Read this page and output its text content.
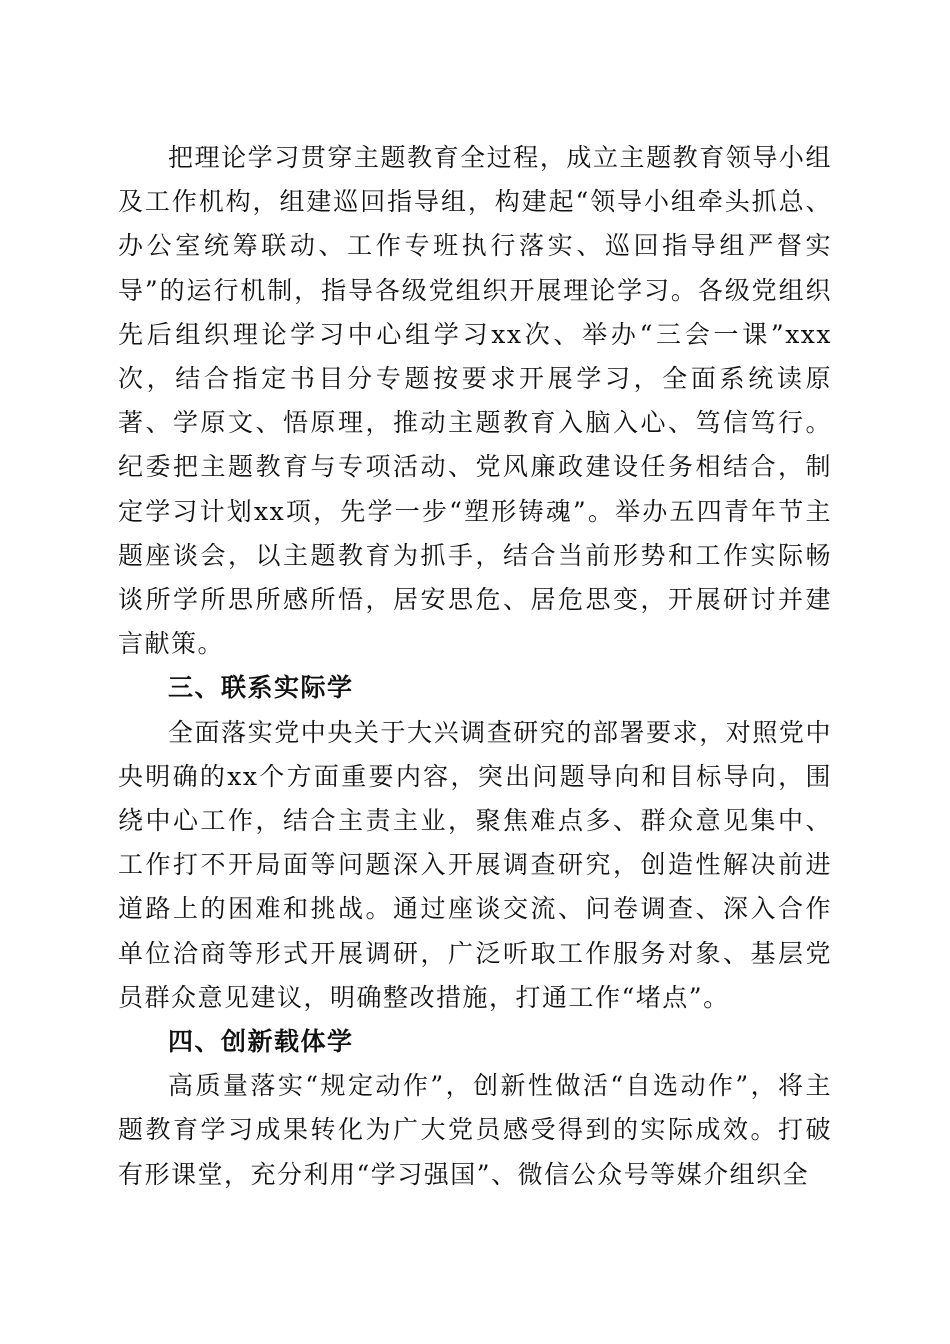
把理论学习贯穿主题教育全过程，成立主题教育领导小组及工作机构，组建巡回指导组，构建起“领导小组牵头抓总、办公室统筹联动、工作专班执行落实、巡回指导组严督实导”的运行机制，指导各级党组织开展理论学习。各级党组织先后组织理论学习中心组学习xx次、举办“三会一课”xxx次，结合指定书目分专题按要求开展学习，全面系统读原著、学原文、悟原理，推动主题教育入脑入心、笃信笃行。纪委把主题教育与专项活动、党风廉政建设任务相结合，制定学习计划xx项，先学一步“塑形铸魂”。举办五四青年节主题座谈会，以主题教育为抓手，结合当前形势和工作实际畅谈所学所思所感所悟，居安思危、居危思变，开展研讨并建言献策。

三、联系实际学

全面落实党中央关于大兴调查研究的部署要求，对照党中央明确的xx个方面重要内容，突出问题导向和目标导向，围绕中心工作，结合主责主业，聚焦难点多、群众意见集中、工作打不开局面等问题深入开展调查研究，创造性解决前进道路上的困难和挑战。通过座谈交流、问卷调查、深入合作单位洽商等形式开展调研，广泛听取工作服务对象、基层党员群众意见建议，明确整改措施，打通工作“堵点”。

四、创新载体学

高质量落实“规定动作”，创新性做活“自选动作”，将主题教育学习成果转化为广大党员感受得到的实际成效。打破有形课堂，充分利用“学习强国”、微信公众号等媒介组织全
